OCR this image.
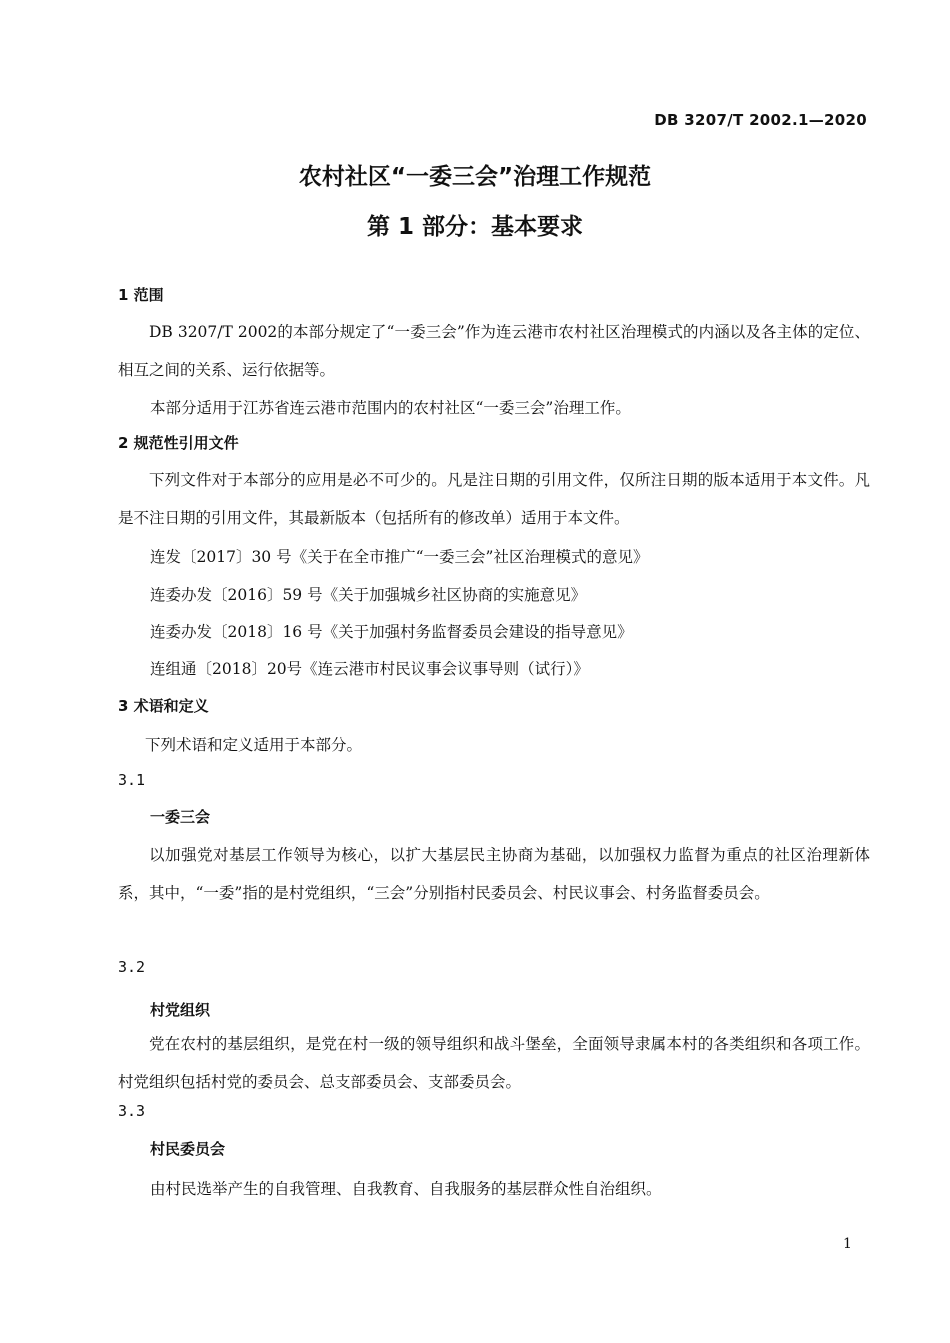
DB 3207/T 2002.1—2020
农村社区“一委三会”治理工作规范
第 1 部分：基本要求
1 范围
DB 3207/T 2002的本部分规定了“一委三会”作为连云港市农村社区治理模式的内涵以及各主体的定位、相互之间的关系、运行依据等。
本部分适用于江苏省连云港市范围内的农村社区“一委三会”治理工作。
2 规范性引用文件
下列文件对于本部分的应用是必不可少的。凡是注日期的引用文件，仅所注日期的版本适用于本文件。凡是不注日期的引用文件，其最新版本（包括所有的修改单）适用于本文件。
连发〔2017〕30 号《关于在全市推广“一委三会”社区治理模式的意见》
连委办发〔2016〕59 号《关于加强城乡社区协商的实施意见》
连委办发〔2018〕16 号《关于加强村务监督委员会建设的指导意见》
连组通〔2018〕20号《连云港市村民议事会议事导则（试行）》
3 术语和定义
下列术语和定义适用于本部分。
3.1
一委三会
以加强党对基层工作领导为核心，以扩大基层民主协商为基础，以加强权力监督为重点的社区治理新体系，其中，“一委”指的是村党组织，“三会”分别指村民委员会、村民议事会、村务监督委员会。
3.2
村党组织
党在农村的基层组织，是党在村一级的领导组织和战斗堡垒，全面领导隶属本村的各类组织和各项工作。村党组织包括村党的委员会、总支部委员会、支部委员会。
3.3
村民委员会
由村民选举产生的自我管理、自我教育、自我服务的基层群众性自治组织。
1
